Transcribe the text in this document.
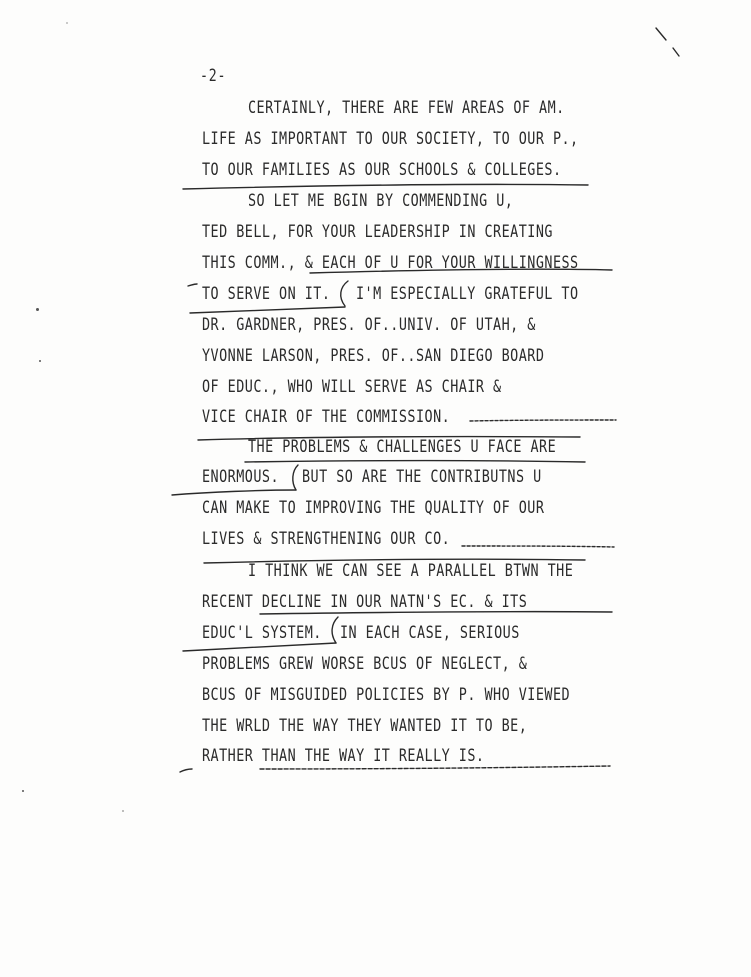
-2-
CERTAINLY, THERE ARE FEW AREAS OF AM.
LIFE AS IMPORTANT TO OUR SOCIETY, TO OUR P.,
TO OUR FAMILIES AS OUR SCHOOLS & COLLEGES.
SO LET ME BGIN BY COMMENDING U,
TED BELL, FOR YOUR LEADERSHIP IN CREATING
THIS COMM., & EACH OF U FOR YOUR WILLINGNESS
TO SERVE ON IT. I'M ESPECIALLY GRATEFUL TO
DR. GARDNER, PRES. OF..UNIV. OF UTAH, &
YVONNE LARSON, PRES. OF..SAN DIEGO BOARD
OF EDUC., WHO WILL SERVE AS CHAIR &
VICE CHAIR OF THE COMMISSION.
THE PROBLEMS & CHALLENGES U FACE ARE
ENORMOUS. BUT SO ARE THE CONTRIBUTNS U
CAN MAKE TO IMPROVING THE QUALITY OF OUR
LIVES & STRENGTHENING OUR CO.
I THINK WE CAN SEE A PARALLEL BTWN THE
RECENT DECLINE IN OUR NATN'S EC. & ITS
EDUC'L SYSTEM. IN EACH CASE, SERIOUS
PROBLEMS GREW WORSE BCUS OF NEGLECT, &
BCUS OF MISGUIDED POLICIES BY P. WHO VIEWED
THE WRLD THE WAY THEY WANTED IT TO BE,
RATHER THAN THE WAY IT REALLY IS.
